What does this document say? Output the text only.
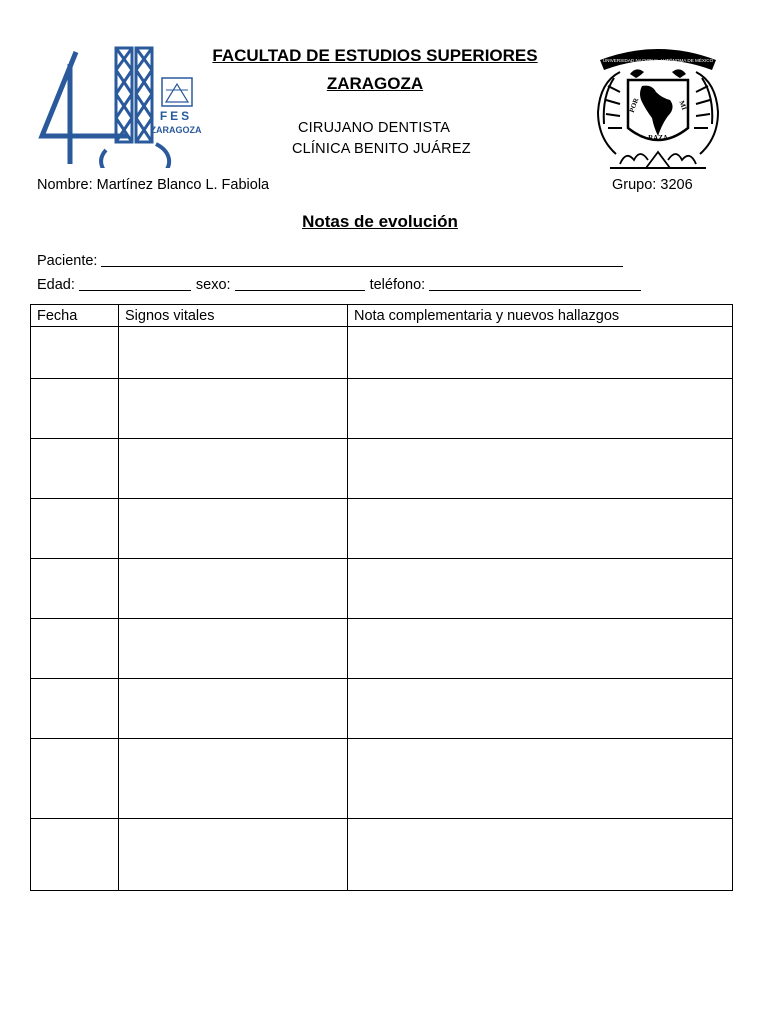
FES
ZARAGOZA
UNIVERSIDAD NACIONAL AUTÓNOMA DE MÉXICO
POR	MI
RAZA

FACULTAD DE ESTUDIOS SUPERIORES

ZARAGOZA

CIRUJANO DENTISTA
CLÍNICA BENITO JUÁREZ
Nombre: Martínez Blanco L. Fabiola	Grupo: 3206

Notas de evolución

Paciente:
Edad:	sexo:	teléfono:
Fecha	Signos vitales	Nota complementaria y nuevos hallazgos
